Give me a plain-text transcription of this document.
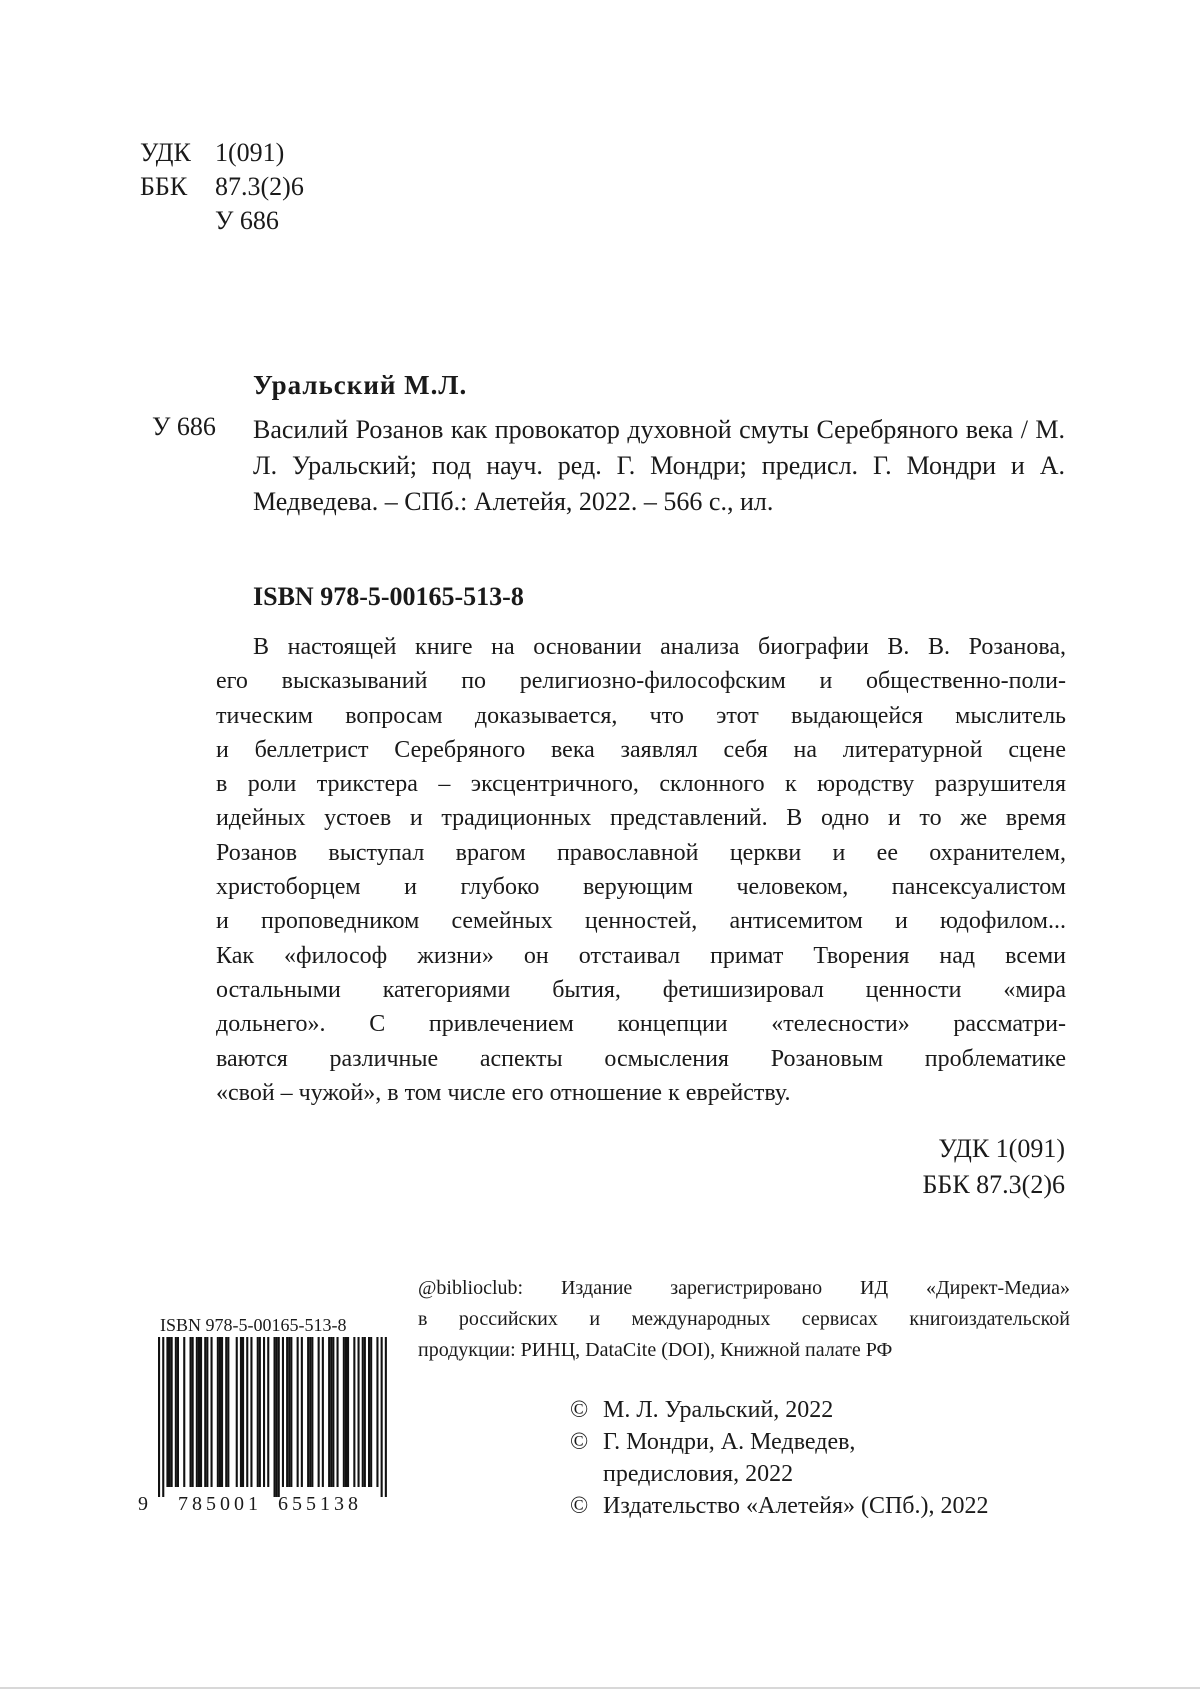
УДК 1(091)
ББК 87.3(2)6
У 686
Уральский М.Л.
У 686 Василий Розанов как провокатор духовной смуты Серебряного века / М. Л. Уральский; под науч. ред. Г. Мондри; предисл. Г. Мондри и А. Медведева. – СПб.: Алетейя, 2022. – 566 с., ил.
ISBN 978-5-00165-513-8
В настоящей книге на основании анализа биографии В. В. Розанова,
его высказываний по религиозно-философским и общественно-поли-
тическим вопросам доказывается, что этот выдающейся мыслитель
и беллетрист Серебряного века заявлял себя на литературной сцене
в роли трикстера – эксцентричного, склонного к юродству разрушителя
идейных устоев и традиционных представлений. В одно и то же время
Розанов выступал врагом православной церкви и ее охранителем,
христоборцем и глубоко верующим человеком, пансексуалистом
и проповедником семейных ценностей, антисемитом и юдофилом...
Как «философ жизни» он отстаивал примат Творения над всеми
остальными категориями бытия, фетишизировал ценности «мира
дольнего». С привлечением концепции «телесности» рассматри-
ваются различные аспекты осмысления Розановым проблематике
«свой – чужой», в том числе его отношение к еврейству.
УДК 1(091)
ББК 87.3(2)6
@biblioclub: Издание зарегистрировано ИД «Директ-Медиа»
в российских и международных сервисах книгоиздательской
продукции: РИНЦ, DataCite (DOI), Книжной палате РФ
ISBN 978-5-00165-513-8
9 785001 655138
© М. Л. Уральский, 2022
© Г. Мондри, А. Медведев,
предисловия, 2022
© Издательство «Алетейя» (СПб.), 2022
